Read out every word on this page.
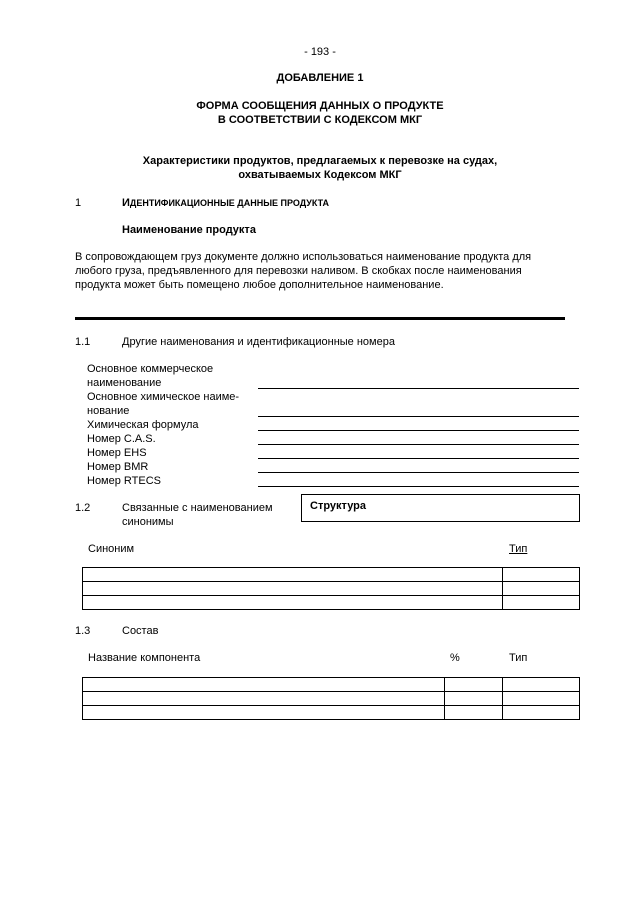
- 193 -
ДОБАВЛЕНИЕ 1
ФОРМА СООБЩЕНИЯ ДАННЫХ О ПРОДУКТЕ
В СООТВЕТСТВИИ С КОДЕКСОМ МКГ
Характеристики продуктов, предлагаемых к перевозке на судах,
охватываемых Кодексом МКГ
1	ИДЕНТИФИКАЦИОННЫЕ ДАННЫЕ ПРОДУКТА
Наименование продукта
В сопровождающем груз документе должно использоваться наименование продукта для
любого груза, предъявленного для перевозки наливом. В скобках после наименования
продукта может быть помещено любое дополнительное наименование.
1.1	Другие наименования и идентификационные номера
Основное коммерческое
наименование
Основное химическое наиме-
нование
Химическая формула
Номер C.A.S.
Номер EHS
Номер BMR
Номер RTECS
1.2	Связанные с наименованием
синонимы
Структура
Синоним	Тип

1.3	Состав
Название компонента	%	Тип
